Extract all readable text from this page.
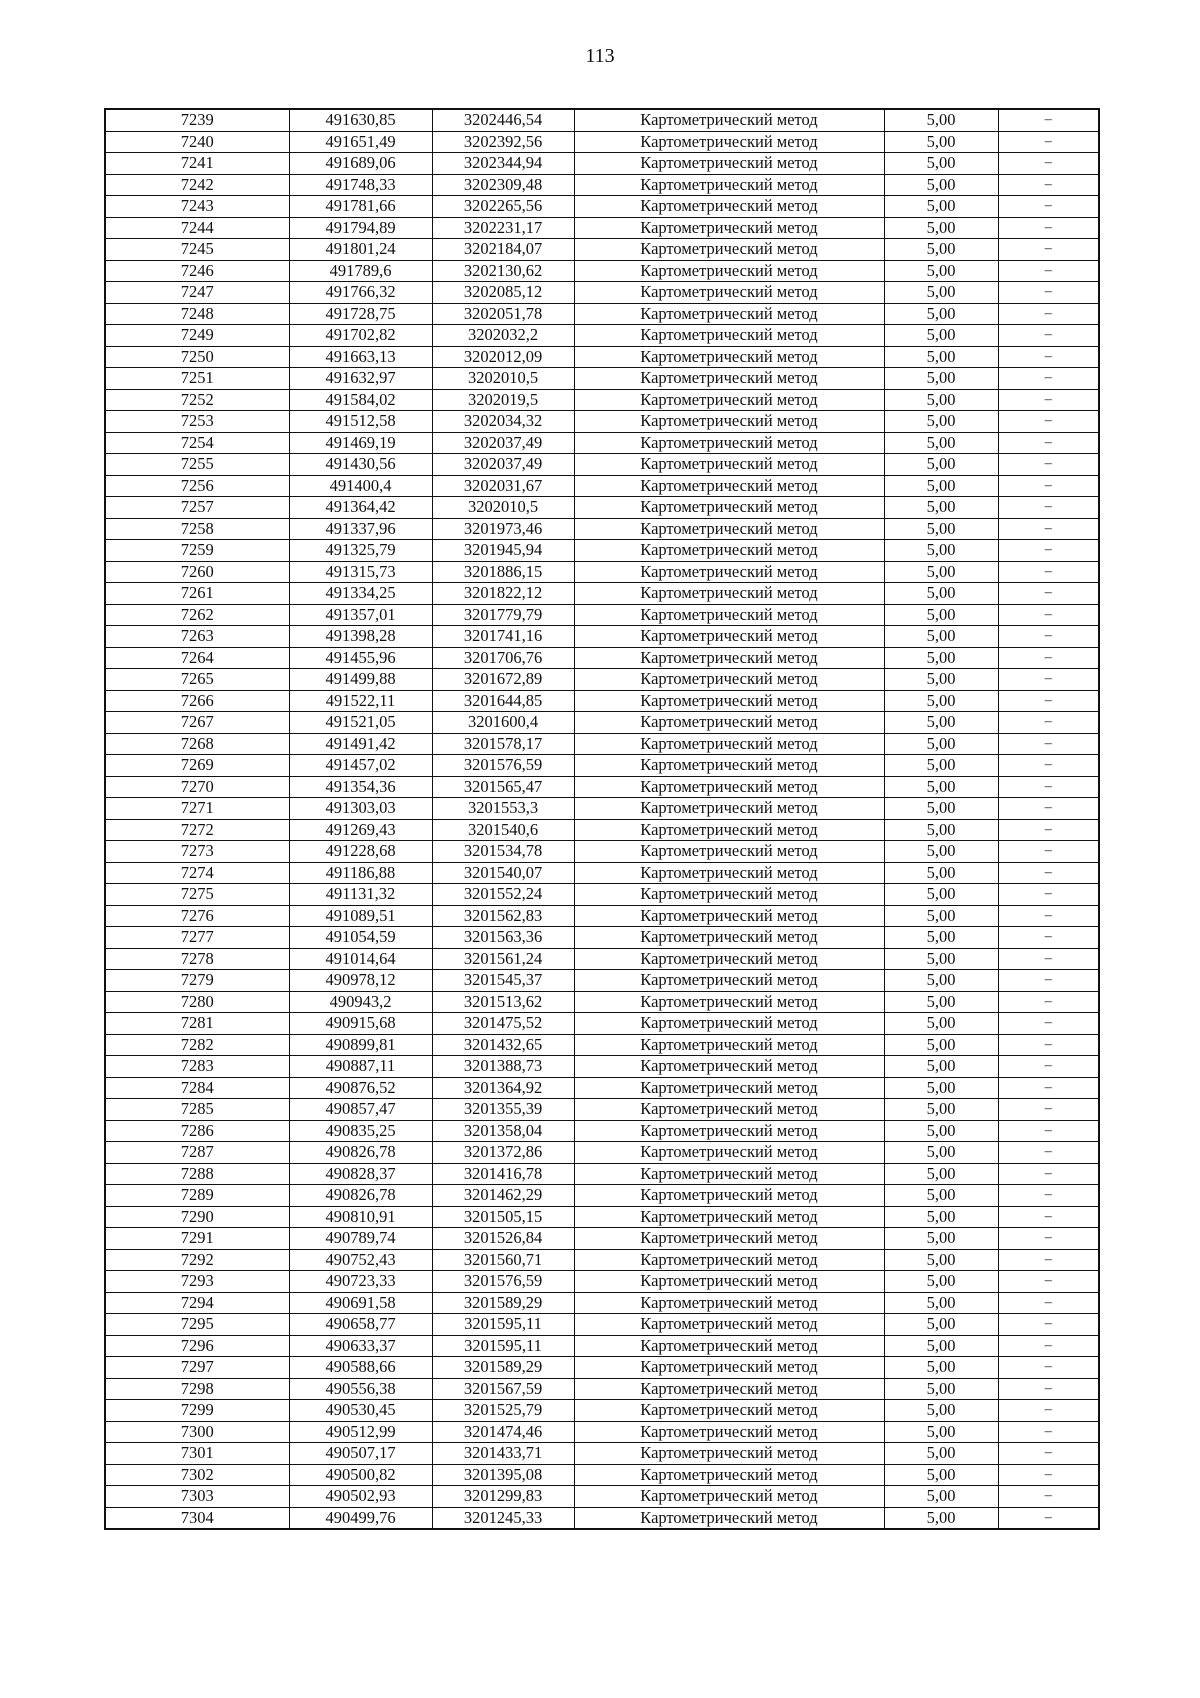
113
7239	491630,85	3202446,54	Картометрический метод	5,00	–
7240	491651,49	3202392,56	Картометрический метод	5,00	–
7241	491689,06	3202344,94	Картометрический метод	5,00	–
7242	491748,33	3202309,48	Картометрический метод	5,00	–
7243	491781,66	3202265,56	Картометрический метод	5,00	–
7244	491794,89	3202231,17	Картометрический метод	5,00	–
7245	491801,24	3202184,07	Картометрический метод	5,00	–
7246	491789,6	3202130,62	Картометрический метод	5,00	–
7247	491766,32	3202085,12	Картометрический метод	5,00	–
7248	491728,75	3202051,78	Картометрический метод	5,00	–
7249	491702,82	3202032,2	Картометрический метод	5,00	–
7250	491663,13	3202012,09	Картометрический метод	5,00	–
7251	491632,97	3202010,5	Картометрический метод	5,00	–
7252	491584,02	3202019,5	Картометрический метод	5,00	–
7253	491512,58	3202034,32	Картометрический метод	5,00	–
7254	491469,19	3202037,49	Картометрический метод	5,00	–
7255	491430,56	3202037,49	Картометрический метод	5,00	–
7256	491400,4	3202031,67	Картометрический метод	5,00	–
7257	491364,42	3202010,5	Картометрический метод	5,00	–
7258	491337,96	3201973,46	Картометрический метод	5,00	–
7259	491325,79	3201945,94	Картометрический метод	5,00	–
7260	491315,73	3201886,15	Картометрический метод	5,00	–
7261	491334,25	3201822,12	Картометрический метод	5,00	–
7262	491357,01	3201779,79	Картометрический метод	5,00	–
7263	491398,28	3201741,16	Картометрический метод	5,00	–
7264	491455,96	3201706,76	Картометрический метод	5,00	–
7265	491499,88	3201672,89	Картометрический метод	5,00	–
7266	491522,11	3201644,85	Картометрический метод	5,00	–
7267	491521,05	3201600,4	Картометрический метод	5,00	–
7268	491491,42	3201578,17	Картометрический метод	5,00	–
7269	491457,02	3201576,59	Картометрический метод	5,00	–
7270	491354,36	3201565,47	Картометрический метод	5,00	–
7271	491303,03	3201553,3	Картометрический метод	5,00	–
7272	491269,43	3201540,6	Картометрический метод	5,00	–
7273	491228,68	3201534,78	Картометрический метод	5,00	–
7274	491186,88	3201540,07	Картометрический метод	5,00	–
7275	491131,32	3201552,24	Картометрический метод	5,00	–
7276	491089,51	3201562,83	Картометрический метод	5,00	–
7277	491054,59	3201563,36	Картометрический метод	5,00	–
7278	491014,64	3201561,24	Картометрический метод	5,00	–
7279	490978,12	3201545,37	Картометрический метод	5,00	–
7280	490943,2	3201513,62	Картометрический метод	5,00	–
7281	490915,68	3201475,52	Картометрический метод	5,00	–
7282	490899,81	3201432,65	Картометрический метод	5,00	–
7283	490887,11	3201388,73	Картометрический метод	5,00	–
7284	490876,52	3201364,92	Картометрический метод	5,00	–
7285	490857,47	3201355,39	Картометрический метод	5,00	–
7286	490835,25	3201358,04	Картометрический метод	5,00	–
7287	490826,78	3201372,86	Картометрический метод	5,00	–
7288	490828,37	3201416,78	Картометрический метод	5,00	–
7289	490826,78	3201462,29	Картометрический метод	5,00	–
7290	490810,91	3201505,15	Картометрический метод	5,00	–
7291	490789,74	3201526,84	Картометрический метод	5,00	–
7292	490752,43	3201560,71	Картометрический метод	5,00	–
7293	490723,33	3201576,59	Картометрический метод	5,00	–
7294	490691,58	3201589,29	Картометрический метод	5,00	–
7295	490658,77	3201595,11	Картометрический метод	5,00	–
7296	490633,37	3201595,11	Картометрический метод	5,00	–
7297	490588,66	3201589,29	Картометрический метод	5,00	–
7298	490556,38	3201567,59	Картометрический метод	5,00	–
7299	490530,45	3201525,79	Картометрический метод	5,00	–
7300	490512,99	3201474,46	Картометрический метод	5,00	–
7301	490507,17	3201433,71	Картометрический метод	5,00	–
7302	490500,82	3201395,08	Картометрический метод	5,00	–
7303	490502,93	3201299,83	Картометрический метод	5,00	–
7304	490499,76	3201245,33	Картометрический метод	5,00	–
